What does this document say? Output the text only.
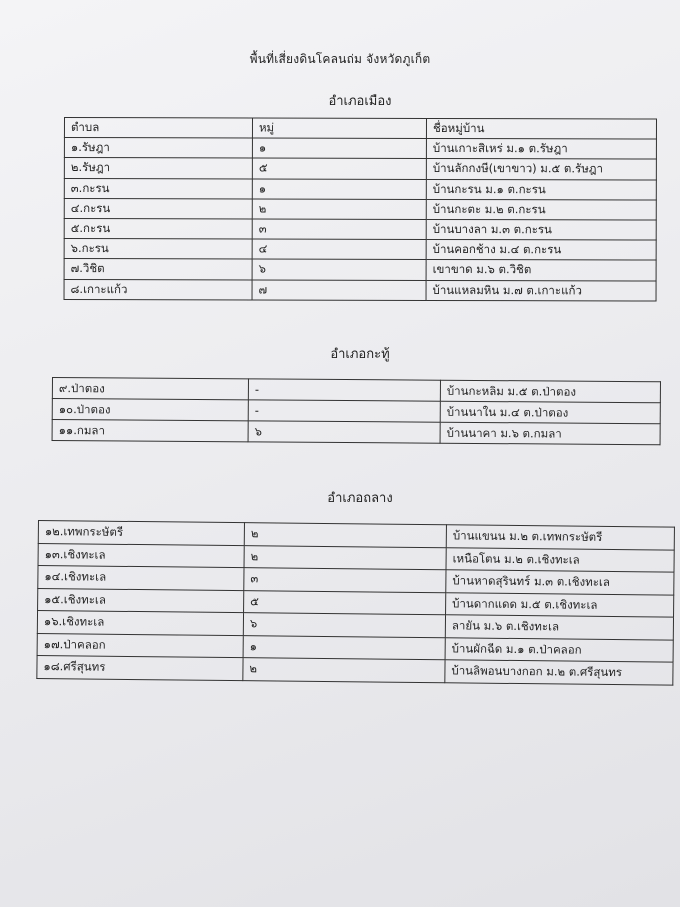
พื้นที่เสี่ยงดินโคลนถ่ม จังหวัดภูเก็ต
อำเภอเมือง
ตำบล	หมู่	ชื่อหมู่บ้าน
๑.รัษฎา	๑	บ้านเกาะสิเหร่ ม.๑ ต.รัษฎา
๒.รัษฎา	๕	บ้านลักกงษี(เขาขาว) ม.๕ ต.รัษฎา
๓.กะรน	๑	บ้านกะรน ม.๑ ต.กะรน
๔.กะรน	๒	บ้านกะตะ ม.๒ ต.กะรน
๕.กะรน	๓	บ้านบางลา ม.๓ ต.กะรน
๖.กะรน	๔	บ้านคอกช้าง ม.๔ ต.กะรน
๗.วิชิต	๖	เขาขาด ม.๖ ต.วิชิต
๘.เกาะแก้ว	๗	บ้านแหลมหิน ม.๗ ต.เกาะแก้ว
อำเภอกะทู้
๙.ป่าตอง	-	บ้านกะหลิม ม.๕ ต.ป่าตอง
๑๐.ป่าตอง	-	บ้านนาใน ม.๔ ต.ป่าตอง
๑๑.กมลา	๖	บ้านนาคา ม.๖ ต.กมลา
อำเภอถลาง
๑๒.เทพกระษัตรี	๒	บ้านแขนน ม.๒ ต.เทพกระษัตรี
๑๓.เชิงทะเล	๒	เหนือโตน ม.๒ ต.เชิงทะเล
๑๔.เชิงทะเล	๓	บ้านหาดสุรินทร์ ม.๓ ต.เชิงทะเล
๑๕.เชิงทะเล	๕	บ้านดากแดด ม.๕ ต.เชิงทะเล
๑๖.เชิงทะเล	๖	ลายัน ม.๖ ต.เชิงทะเล
๑๗.ป่าคลอก	๑	บ้านผักฉีด ม.๑ ต.ป่าคลอก
๑๘.ศรีสุนทร	๒	บ้านลิพอนบางกอก ม.๒ ต.ศรีสุนทร
